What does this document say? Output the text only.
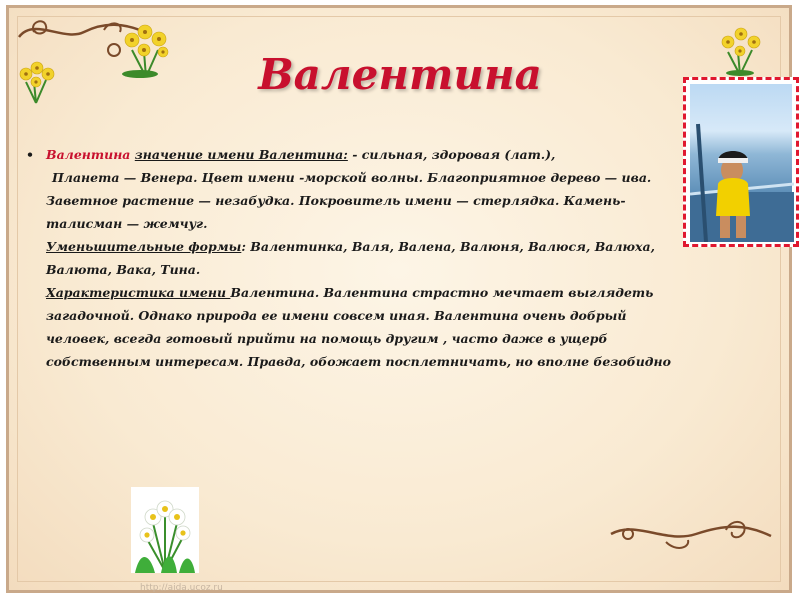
Валентина
• Валентина значение имени Валентина: - сильная, здоровая (лат.),
Планета — Венера. Цвет имени -морской волны. Благоприятное дерево — ива.
Заветное растение — незабудка. Покровитель имени — стерлядка. Камень-
талисман — жемчуг.
Уменьшительные формы: Валентинка, Валя, Валена, Валюня, Валюся, Валюха,
Валюта, Вака, Тина.
Характеристика имени Валентина. Валентина страстно мечтает выглядеть
загадочной. Однако природа ее имени совсем иная. Валентина очень добрый
человек, всегда готовый прийти на помощь другим , часто даже в ущерб
собственным интересам. Правда, обожает посплетничать, но вполне безобидно
http://aida.ucoz.ru
